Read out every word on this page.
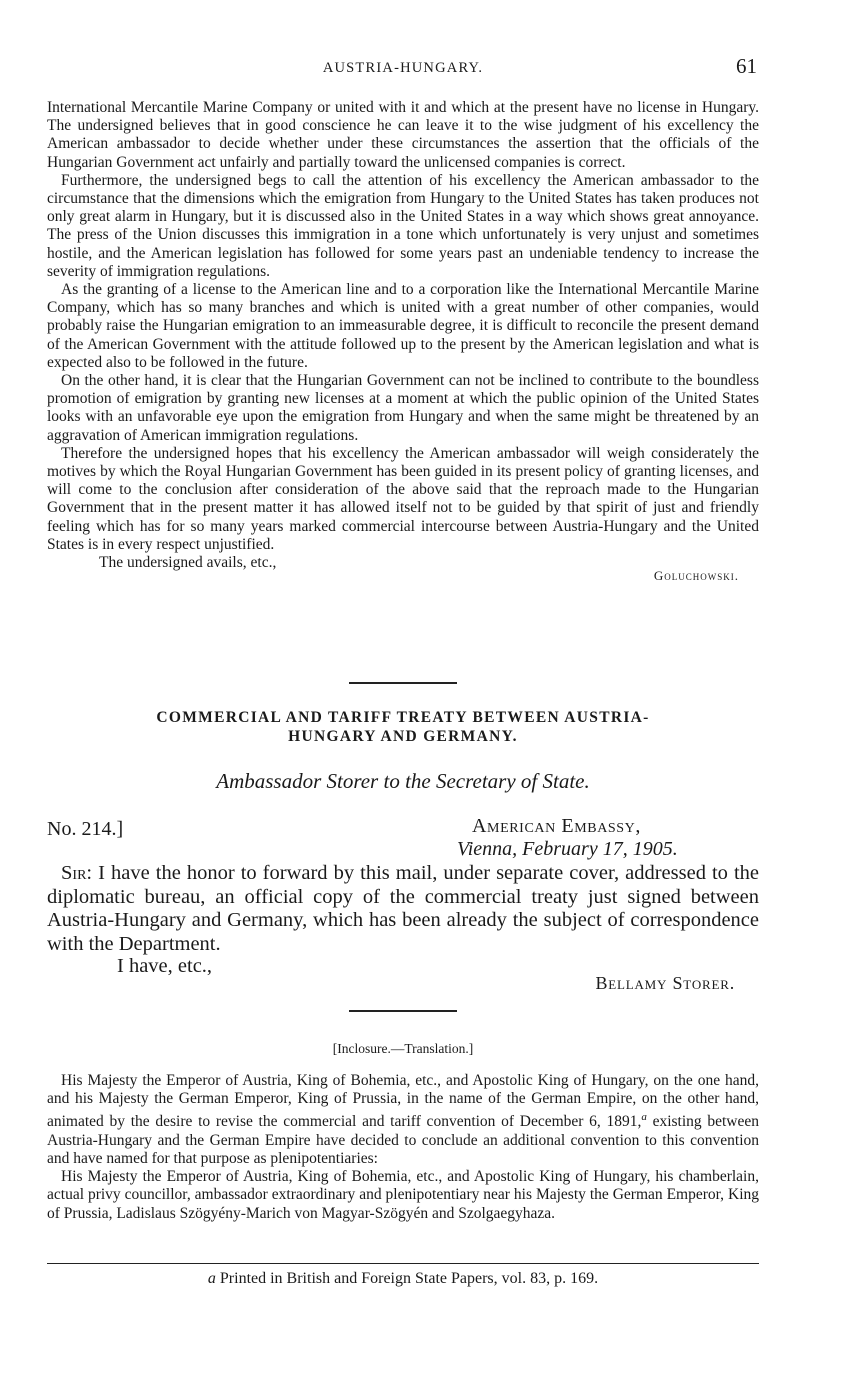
AUSTRIA-HUNGARY.	61

International Mercantile Marine Company or united with it and which at the present have no license in Hungary. The undersigned believes that in good conscience he can leave it to the wise judgment of his excellency the American ambassador to decide whether under these circumstances the assertion that the officials of the Hungarian Government act unfairly and partially toward the unlicensed companies is correct.

Furthermore, the undersigned begs to call the attention of his excellency the American ambassador to the circumstance that the dimensions which the emigration from Hungary to the United States has taken produces not only great alarm in Hungary, but it is discussed also in the United States in a way which shows great annoyance. The press of the Union discusses this immigration in a tone which unfortunately is very unjust and sometimes hostile, and the American legislation has followed for some years past an undeniable tendency to increase the severity of immigration regulations.

As the granting of a license to the American line and to a corporation like the International Mercantile Marine Company, which has so many branches and which is united with a great number of other companies, would probably raise the Hungarian emigration to an immeasurable degree, it is difficult to reconcile the present demand of the American Government with the attitude followed up to the present by the American legislation and what is expected also to be followed in the future.

On the other hand, it is clear that the Hungarian Government can not be inclined to contribute to the boundless promotion of emigration by granting new licenses at a moment at which the public opinion of the United States looks with an unfavorable eye upon the emigration from Hungary and when the same might be threatened by an aggravation of American immigration regulations.

Therefore the undersigned hopes that his excellency the American ambassador will weigh considerately the motives by which the Royal Hungarian Government has been guided in its present policy of granting licenses, and will come to the conclusion after consideration of the above said that the reproach made to the Hungarian Government that in the present matter it has allowed itself not to be guided by that spirit of just and friendly feeling which has for so many years marked commercial intercourse between Austria-Hungary and the United States is in every respect unjustified.

The undersigned avails, etc.,
Goluchowski.
COMMERCIAL AND TARIFF TREATY BETWEEN AUSTRIA-
HUNGARY AND GERMANY.
Ambassador Storer to the Secretary of State.
No. 214.]	American Embassy,
Vienna, February 17, 1905.

Sir: I have the honor to forward by this mail, under separate cover, addressed to the diplomatic bureau, an official copy of the commercial treaty just signed between Austria-Hungary and Germany, which has been already the subject of correspondence with the Department.

I have, etc.,
Bellamy Storer.
[Inclosure.—Translation.]

His Majesty the Emperor of Austria, King of Bohemia, etc., and Apostolic King of Hungary, on the one hand, and his Majesty the German Emperor, King of Prussia, in the name of the German Empire, on the other hand, animated by the desire to revise the commercial and tariff convention of December 6, 1891,$^a$ existing between Austria-Hungary and the German Empire have decided to conclude an additional convention to this convention and have named for that purpose as plenipotentiaries:

His Majesty the Emperor of Austria, King of Bohemia, etc., and Apostolic King of Hungary, his chamberlain, actual privy councillor, ambassador extraordinary and plenipotentiary near his Majesty the German Emperor, King of Prussia, Ladislaus Szögyény-Marich von Magyar-Szögyén and Szolgaegyhaza.

a Printed in British and Foreign State Papers, vol. 83, p. 169.
